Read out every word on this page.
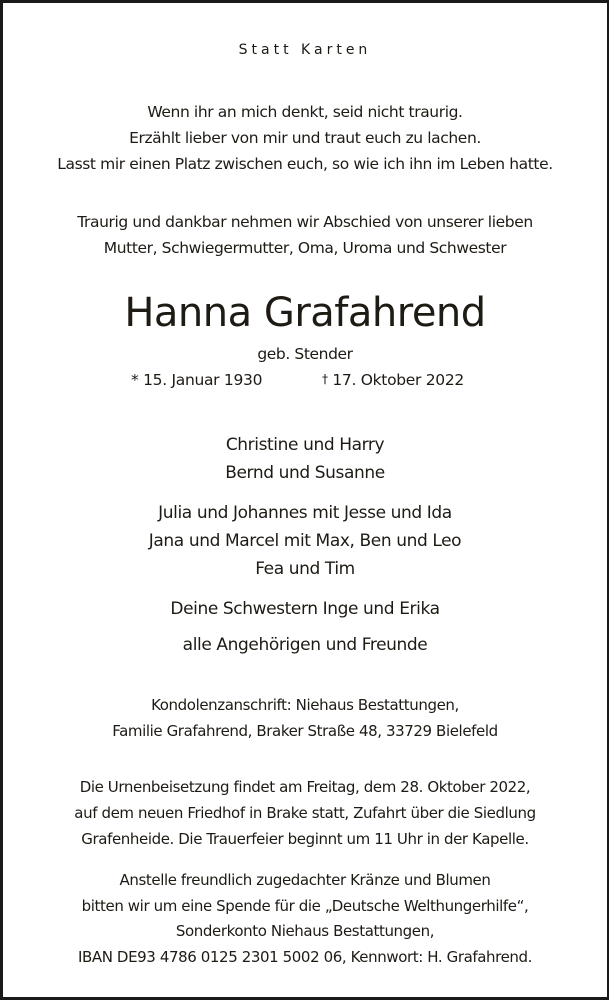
Statt Karten
Wenn ihr an mich denkt, seid nicht traurig.
Erzählt lieber von mir und traut euch zu lachen.
Lasst mir einen Platz zwischen euch, so wie ich ihn im Leben hatte.
Traurig und dankbar nehmen wir Abschied von unserer lieben
Mutter, Schwiegermutter, Oma, Uroma und Schwester
Hanna Grafahrend
geb. Stender
* 15. Januar 1930	† 17. Oktober 2022
Christine und Harry
Bernd und Susanne
Julia und Johannes mit Jesse und Ida
Jana und Marcel mit Max, Ben und Leo
Fea und Tim
Deine Schwestern Inge und Erika
alle Angehörigen und Freunde
Kondolenzanschrift: Niehaus Bestattungen,
Familie Grafahrend, Braker Straße 48, 33729 Bielefeld
Die Urnenbeisetzung findet am Freitag, dem 28. Oktober 2022,
auf dem neuen Friedhof in Brake statt, Zufahrt über die Siedlung
Grafenheide. Die Trauerfeier beginnt um 11 Uhr in der Kapelle.
Anstelle freundlich zugedachter Kränze und Blumen
bitten wir um eine Spende für die „Deutsche Welthungerhilfe“,
Sonderkonto Niehaus Bestattungen,
IBAN DE93 4786 0125 2301 5002 06, Kennwort: H. Grafahrend.
